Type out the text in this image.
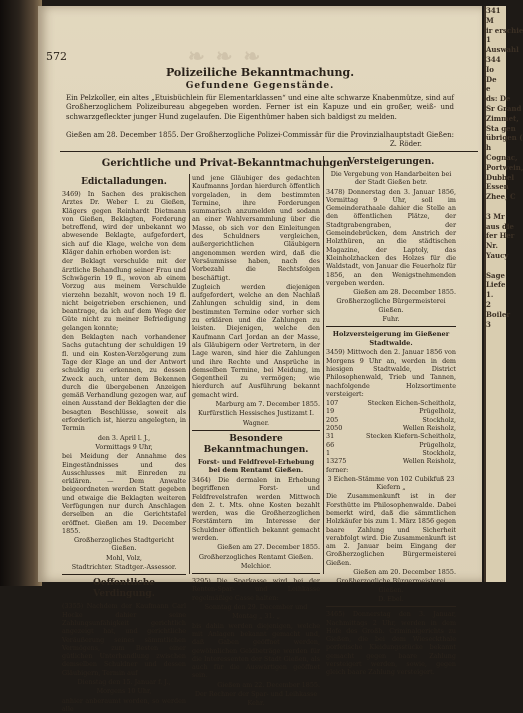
❧ ❧ ❧
572
Polizeiliche Bekanntmachung.
Gefundene Gegenstände.
Ein Pelzkoller, ein altes „Etuisbüchlein für Elementarklassen“ und eine alte schwarze Knabenmütze, sind auf Großherzoglichem Polizeibureau abgegeben worden. Ferner ist ein Kapuze und ein großer, weiß- und schwarzgefleckter junger Hund zugelaufen. Die Eigenthümer haben sich baldigst zu melden.
Gießen am 28. December 1855. Der Großherzogliche Polizei-Commissär für die Provinzialhauptstadt Gießen:
Z. Röder.
Gerichtliche und Privat-Bekanntmachungen

Edictalladungen.

3469) In Sachen des prakischen Arztes Dr. Weber I. zu Gießen, Klägers gegen Reinhardt Dietmann von Gießen, Beklagten, Forderung betreffend, wird der unbekannt wo abwesende Beklagte, aufgefordert, sich auf die Klage, welche von dem Kläger dahin erhoben worden ist:

der Beklagt verschulde mit der ärztliche Behandlung seiner Frau und Schwägerin 19 fl., wovon ab einem Vorzug aus meinem Verschulde vierzehn bezahlt, wovon noch 19 fl. nicht beigetrieben erschienen, und beantrage, da ich auf dem Wege der Güte nicht zu meiner Befriedigung gelangen konnte;

den Beklagten nach vorhandener Sachs gutachtung der schuldigen 19 fl. und ein Kosten-Verzögerung zum Tage der Klage an und der Antwort schuldig zu erkennen, zu dessen Zweck auch, unter dem Bekennen durch die übergebenen Anzeigen gemäß Verhandlung gezogen war, auf einen Ausstand der Beklagten der die besagten Beschlüsse, soweit als erforderlich ist, hierzu angelegten, in Termin

den 3. April l. J.,

Vormittags 9 Uhr,

bei Meidung der Annahme des Eingeständnisses und des Ausschlusses mit Einreden zu erklären. — Dem Anwalte beigeordneten werden Statt gegeben und etwaige die Beklagten weiteren Verfügungen nur durch Anschlagen derselben an die Gerichtstafel eröffnet. Gießen am 19. December 1855.

Großherzogliches Stadtgericht Gießen.

Mohl, Volz,

Stadtrichter. Stadtger.-Assessor.

Oeffentliche Verdingung.

(3355) Nachdem der Kaufmann Carl Hocke dahier seine Zahlungsunfähigkeit gerichtlich angezeigt hat, und gerichtliche Veräußerung seines sämmtlichen Vermögens, zum Besten einer gütlichen Unterhandlung zwischen demselben Schuldner und dessen Gläubigern, Termin auf

Dienstag den 15. Januar f. J.,

Morgens 10 Uhr,

anhier anberaumt worden, so werden alle

und jene Gläubiger des gedachten Kaufmanns Jordan hierdurch öffentlich vorgeladen, in dem bestimmten Termine, ihre Forderungen summarisch anzumelden und sodann an einer Wahlversammlung über die Masse, ob sich vor den Einleitungen des Schuldners vergleichen, außergerichtlichen Gläubigern angenommen werden wird, daß die Versäumnisse haben, nach des Vorbezahl die Rechtsfolgen beschäftigt.

Zugleich werden diejenigen aufgefordert, welche an den Nachlaß Zahlungen schuldig sind, in dem bestimmten Termine oder vorher sich zu erklären und die Zahlungen zu leisten. Diejenigen, welche den Kaufmann Carl Jordan an der Masse, als Gläubigern oder Vertretern, in der Lage waren, sind hier die Zahlungen und ihre Rechte und Ansprüche in demselben Termine, bei Meidung, im Gegentheil zu vermögen; wie hierdurch auf Ausführung bekannt gemacht wird.

Marburg am 7. December 1855.

Kurfürstlich Hessisches Justizamt I.

Wagner.

Besondere Bekanntmachungen.

Forst- und Feldfrevel-Erhebung bei dem Rentamt Gießen.

3464) Die dermalen in Erhebung begriffenen Forst- und Feldfrevelstrafen werden Mittwoch den 2. t. Mts. ohne Kosten bezahlt werden, was die Großherzoglichen Forstämtern im Interesse der Schuldner öffentlich bekannt gemacht werden.

Gießen am 27. December 1855.

Großherzogliches Rentamt Gießen.

Melchior.

3295) Die Sparkasse wird bei der Renten-Spar- und Leihkasse regelmäßige Casse halten:

Sonntag den 29. December und

Montag „ 31. „

bis dahin werden diejenigen, welche mit Anlagen bekannt gemacht und, daß Gaben geöffnet werden, gewöhnlichen Geldbeträge werden für die Interessenten der Stadt Gießen, als auch für die Auswärtigen geöffnet sein.

Gießen am 22. December 1855.

Der Rechner der Spar- und Leihkasse

Kehr.

Versteigerungen.

Die Vergebung von Handarbeiten bei der Stadt Gießen betr.

3478) Donnerstag den 3. Januar 1856, Vormittag 9 Uhr, soll im Gemeinderathaale dahier die Stelle an den öffentlichen Plätze, der Stadtgrabengraben, der Gemeindebrücken, dem Anstrich der Holzthüren, an die städtischen Magazine, der Laptoly, das Kleinholzhacken des Holzes für die Waldstadt, von Januar die Feuerholz für 1856, an den Wenigstnehmenden vergeben werden.

Gießen am 28. December 1855.

Großherzogliche Bürgermeisterei Gießen.

Fuhr.

Holzversteigerung im Gießener Stadtwalde.

3459) Mittwoch den 2. Januar 1856 von Morgens 9 Uhr an, werden in dem hiesigen Stadtwalde, District Philosophenwald, Trieb und Tannen, nachfolgende Holzsortimente versteigert:

107	Stecken Eichen-Scheitholz,
19	Prügelholz,
205	Stockholz,
2050	Wellen Reisholz,
31	Stecken Kiefern-Scheitholz,
66	Prügelholz,
1	Stockholz,
13275	Wellen Reisholz,

ferner:

3 Eichen-Stämme von 102 Cubikfuß 23 Kiefern „

Die Zusammenkunft ist in der Forsthütte im Philosophenwalde. Dabei bemerkt wird, daß die sämmtlichen Holzkäufer bis zum 1. März 1856 gegen baare Zahlung und Sicherheit verabfolgt wird. Die Zusammenkunft ist am 2. Januar beim Eingang der Großherzoglichen Bürgermeisterei Gießen.

Gießen am 20. December 1855.

Großherzogliche Bürgermeisterei Gießen.

D. Ebel.

3465) Donnerstag den 3. Januar, Nachmittags 2 Uhr, werden in dem Hofe des Großh. Criminalgerichts zu Gießen, die bei dem Wieseckthale porfetische Kleidungsstücke bekannt gemacht gegen baare Zahlung versteigert werden, sowie, gegen gleich baare Zahlung versteigert.

341
M
ir erschie
1
Auswahl
344
Io
De
e
ds: De
Sr Grand
Zimmet,
Sta gen
übrigen (
h
Cognac,
Portwein,
Dubbel
Essen
Zhee, C

3 Mr
aus die
fer Her
Nr.
Yaucy

Sage
Liefe
1.
2
Boiler
3
